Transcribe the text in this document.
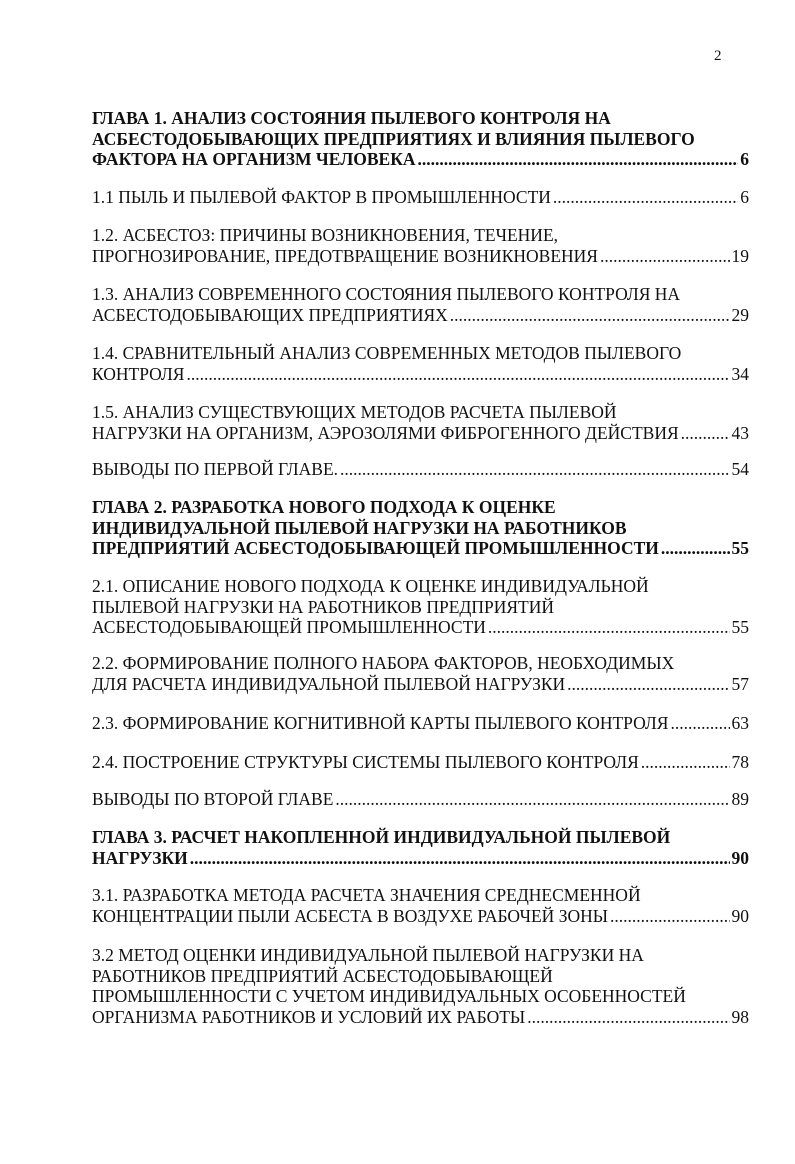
2
ГЛАВА 1. АНАЛИЗ СОСТОЯНИЯ ПЫЛЕВОГО КОНТРОЛЯ НА
АСБЕСТОДОБЫВАЮЩИХ ПРЕДПРИЯТИЯХ И ВЛИЯНИЯ ПЫЛЕВОГО
ФАКТОРА НА ОРГАНИЗМ ЧЕЛОВЕКА .....	6
1.1 ПЫЛЬ И ПЫЛЕВОЙ ФАКТОР В ПРОМЫШЛЕННОСТИ .....	6
1.2. АСБЕСТОЗ: ПРИЧИНЫ ВОЗНИКНОВЕНИЯ, ТЕЧЕНИЕ,
ПРОГНОЗИРОВАНИЕ, ПРЕДОТВРАЩЕНИЕ ВОЗНИКНОВЕНИЯ .....	19
1.3. АНАЛИЗ СОВРЕМЕННОГО СОСТОЯНИЯ ПЫЛЕВОГО КОНТРОЛЯ НА
АСБЕСТОДОБЫВАЮЩИХ ПРЕДПРИЯТИЯХ .....	29
1.4. СРАВНИТЕЛЬНЫЙ АНАЛИЗ СОВРЕМЕННЫХ МЕТОДОВ ПЫЛЕВОГО
КОНТРОЛЯ .....	34
1.5. АНАЛИЗ СУЩЕСТВУЮЩИХ МЕТОДОВ РАСЧЕТА ПЫЛЕВОЙ
НАГРУЗКИ НА ОРГАНИЗМ, АЭРОЗОЛЯМИ ФИБРОГЕННОГО ДЕЙСТВИЯ .....	43
ВЫВОДЫ ПО ПЕРВОЙ ГЛАВЕ. .....	54
ГЛАВА 2. РАЗРАБОТКА НОВОГО ПОДХОДА К ОЦЕНКЕ
ИНДИВИДУАЛЬНОЙ ПЫЛЕВОЙ НАГРУЗКИ НА РАБОТНИКОВ
ПРЕДПРИЯТИЙ АСБЕСТОДОБЫВАЮЩЕЙ ПРОМЫШЛЕННОСТИ .....	55
2.1. ОПИСАНИЕ НОВОГО ПОДХОДА К ОЦЕНКЕ ИНДИВИДУАЛЬНОЙ
ПЫЛЕВОЙ НАГРУЗКИ НА РАБОТНИКОВ ПРЕДПРИЯТИЙ
АСБЕСТОДОБЫВАЮЩЕЙ ПРОМЫШЛЕННОСТИ .....	55
2.2. ФОРМИРОВАНИЕ ПОЛНОГО НАБОРА ФАКТОРОВ, НЕОБХОДИМЫХ
ДЛЯ РАСЧЕТА ИНДИВИДУАЛЬНОЙ ПЫЛЕВОЙ НАГРУЗКИ .....	57
2.3. ФОРМИРОВАНИЕ КОГНИТИВНОЙ КАРТЫ ПЫЛЕВОГО КОНТРОЛЯ .....	63
2.4. ПОСТРОЕНИЕ СТРУКТУРЫ СИСТЕМЫ ПЫЛЕВОГО КОНТРОЛЯ .....	78
ВЫВОДЫ ПО ВТОРОЙ ГЛАВЕ .....	89
ГЛАВА 3. РАСЧЕТ НАКОПЛЕННОЙ ИНДИВИДУАЛЬНОЙ ПЫЛЕВОЙ
НАГРУЗКИ .....	90
3.1. РАЗРАБОТКА МЕТОДА РАСЧЕТА ЗНАЧЕНИЯ СРЕДНЕСМЕННОЙ
КОНЦЕНТРАЦИИ ПЫЛИ АСБЕСТА В ВОЗДУХЕ РАБОЧЕЙ ЗОНЫ .....	90
3.2 МЕТОД ОЦЕНКИ ИНДИВИДУАЛЬНОЙ ПЫЛЕВОЙ НАГРУЗКИ НА
РАБОТНИКОВ ПРЕДПРИЯТИЙ АСБЕСТОДОБЫВАЮЩЕЙ
ПРОМЫШЛЕННОСТИ С УЧЕТОМ ИНДИВИДУАЛЬНЫХ ОСОБЕННОСТЕЙ
ОРГАНИЗМА РАБОТНИКОВ И УСЛОВИЙ ИХ РАБОТЫ .....	98
